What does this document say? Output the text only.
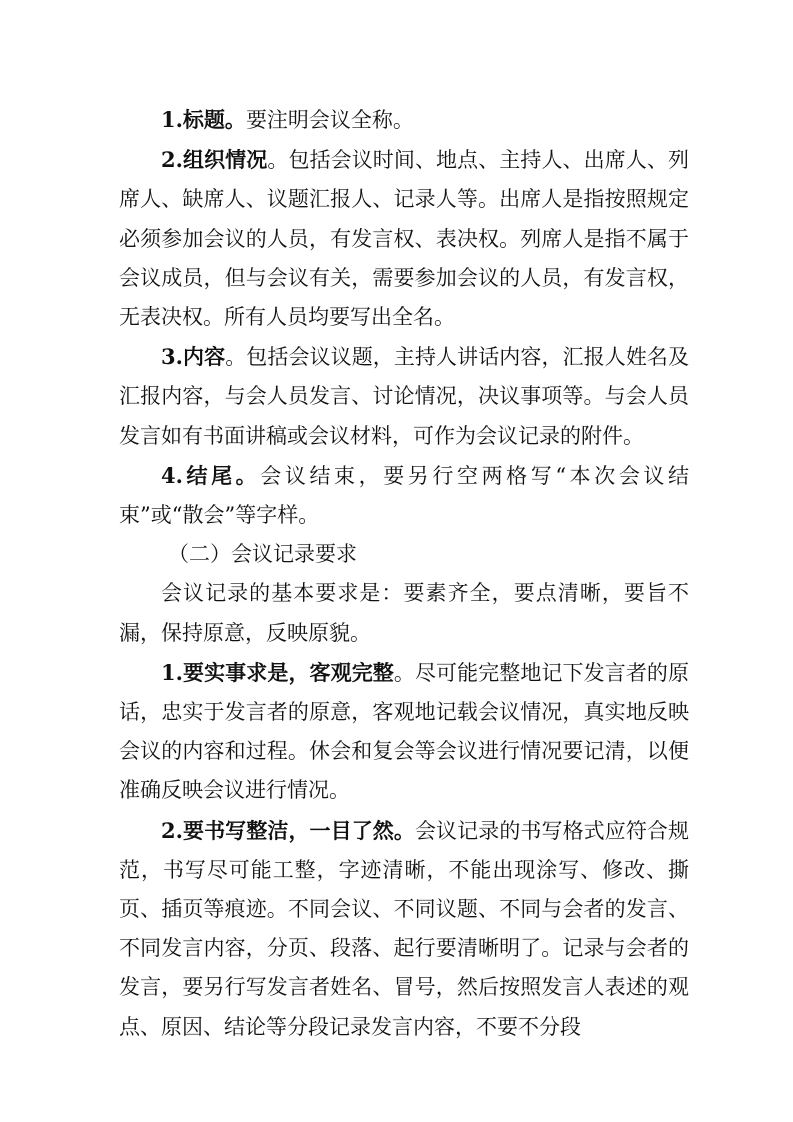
1.标题。要注明会议全称。

2.组织情况。包括会议时间、地点、主持人、出席人、列席人、缺席人、议题汇报人、记录人等。出席人是指按照规定必须参加会议的人员，有发言权、表决权。列席人是指不属于会议成员，但与会议有关，需要参加会议的人员，有发言权，无表决权。所有人员均要写出全名。

3.内容。包括会议议题，主持人讲话内容，汇报人姓名及汇报内容，与会人员发言、讨论情况，决议事项等。与会人员发言如有书面讲稿或会议材料，可作为会议记录的附件。

4.结尾。会议结束，要另行空两格写“本次会议结束”或“散会”等字样。

（二）会议记录要求

会议记录的基本要求是：要素齐全，要点清晰，要旨不漏，保持原意，反映原貌。

1.要实事求是，客观完整。尽可能完整地记下发言者的原话，忠实于发言者的原意，客观地记载会议情况，真实地反映会议的内容和过程。休会和复会等会议进行情况要记清，以便准确反映会议进行情况。

2.要书写整洁，一目了然。会议记录的书写格式应符合规范，书写尽可能工整，字迹清晰，不能出现涂写、修改、撕页、插页等痕迹。不同会议、不同议题、不同与会者的发言、不同发言内容，分页、段落、起行要清晰明了。记录与会者的发言，要另行写发言者姓名、冒号，然后按照发言人表述的观点、原因、结论等分段记录发言内容，不要不分段
